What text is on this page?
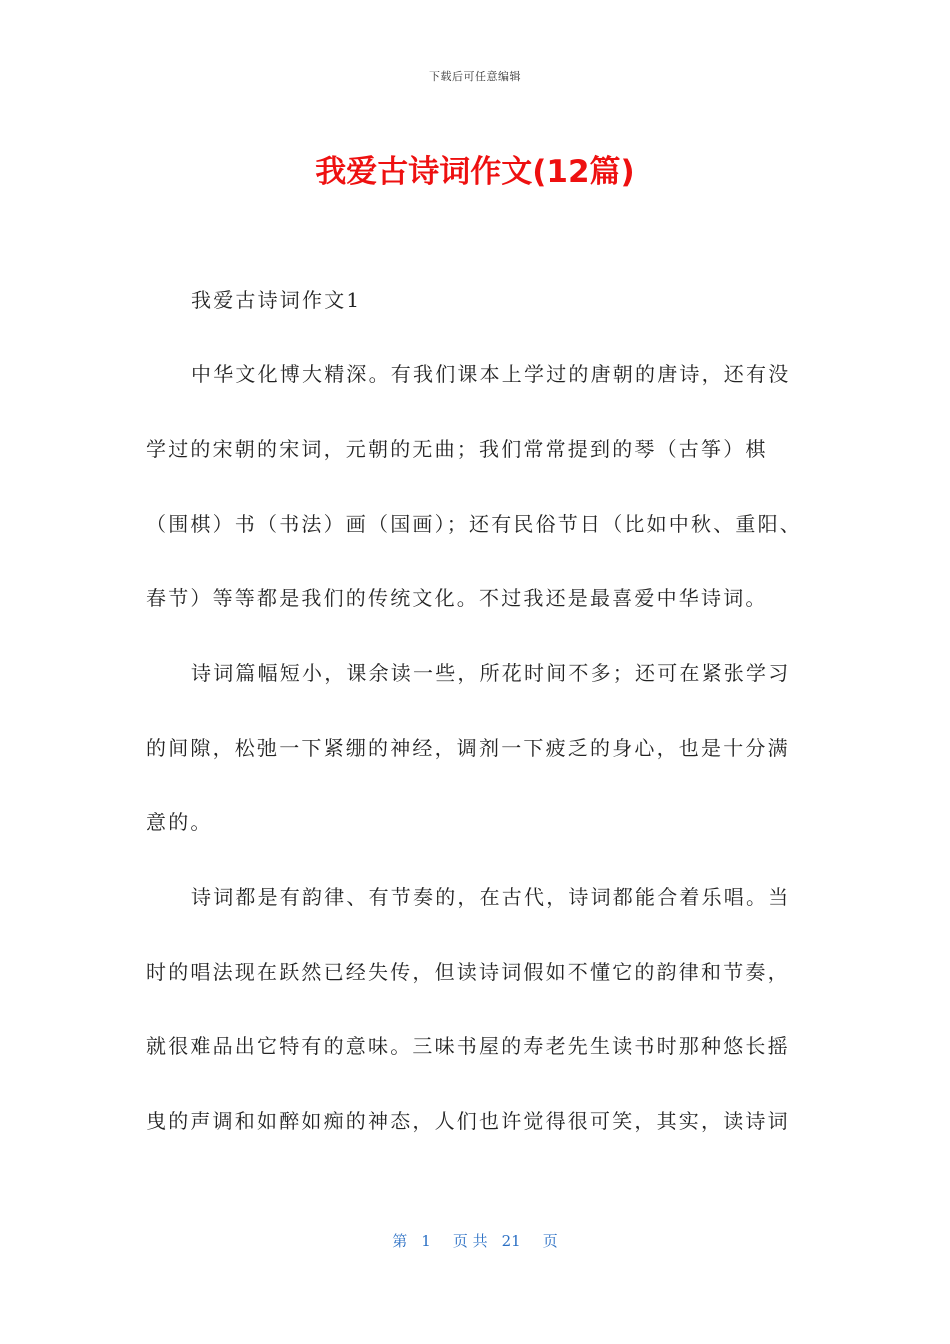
下载后可任意编辑
我爱古诗词作文(12篇)
我爱古诗词作文1
中华文化博大精深。有我们课本上学过的唐朝的唐诗，还有没
学过的宋朝的宋词，元朝的无曲；我们常常提到的琴（古筝）棋
（围棋）书（书法）画（国画）；还有民俗节日（比如中秋、重阳、
春节）等等都是我们的传统文化。不过我还是最喜爱中华诗词。
诗词篇幅短小，课余读一些，所花时间不多；还可在紧张学习
的间隙，松弛一下紧绷的神经，调剂一下疲乏的身心，也是十分满
意的。
诗词都是有韵律、有节奏的，在古代，诗词都能合着乐唱。当
时的唱法现在跃然已经失传，但读诗词假如不懂它的韵律和节奏，
就很难品出它特有的意味。三味书屋的寿老先生读书时那种悠长摇
曳的声调和如醉如痴的神态，人们也许觉得很可笑，其实，读诗词
第 1 页 共 21 页
